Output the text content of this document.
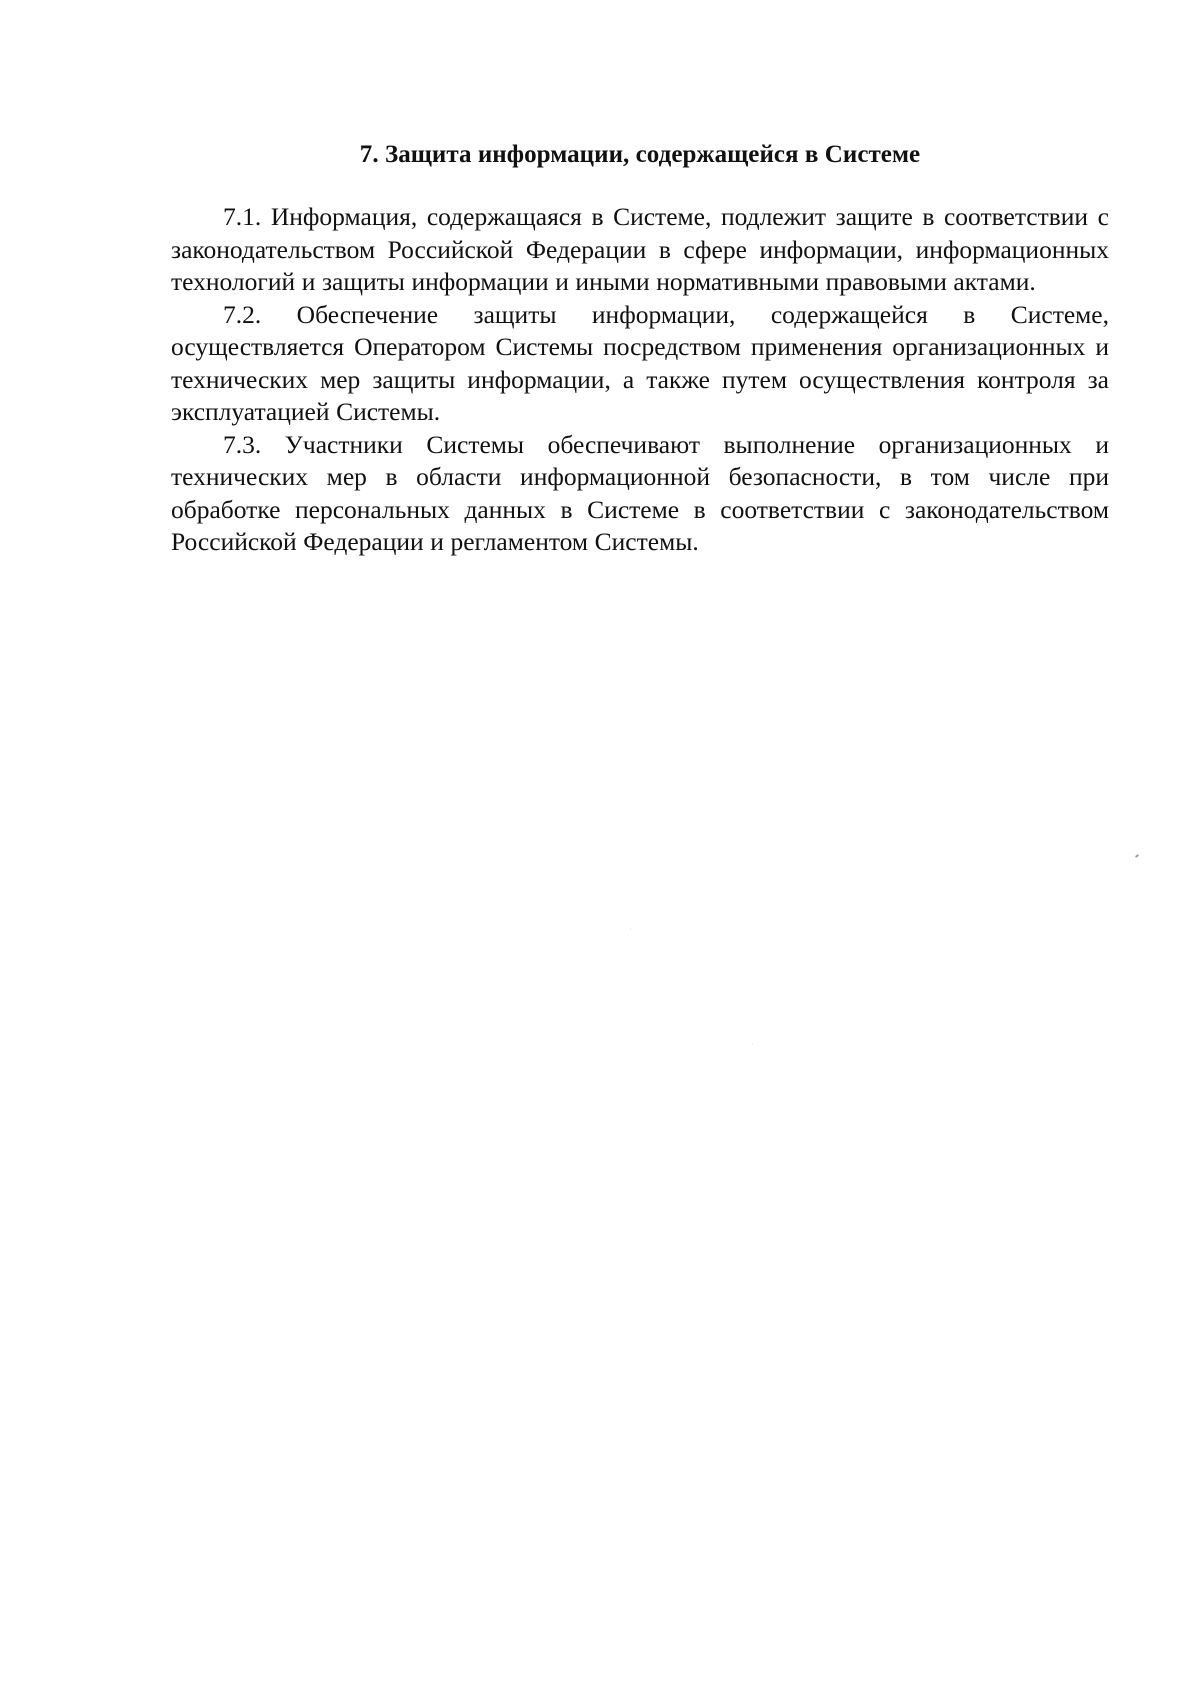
7. Защита информации, содержащейся в Системе

7.1. Информация, содержащаяся в Системе, подлежит защите в соответствии с законодательством Российской Федерации в сфере информации, информационных технологий и защиты информации и иными нормативными правовыми актами.

7.2. Обеспечение защиты информации, содержащейся в Системе, осуществляется Оператором Системы посредством применения организационных и технических мер защиты информации, а также путем осуществления контроля за эксплуатацией Системы.

7.3. Участники Системы обеспечивают выполнение организационных и технических мер в области информационной безопасности, в том числе при обработке персональных данных в Системе в соответствии с законодательством Российской Федерации и регламентом Системы.
